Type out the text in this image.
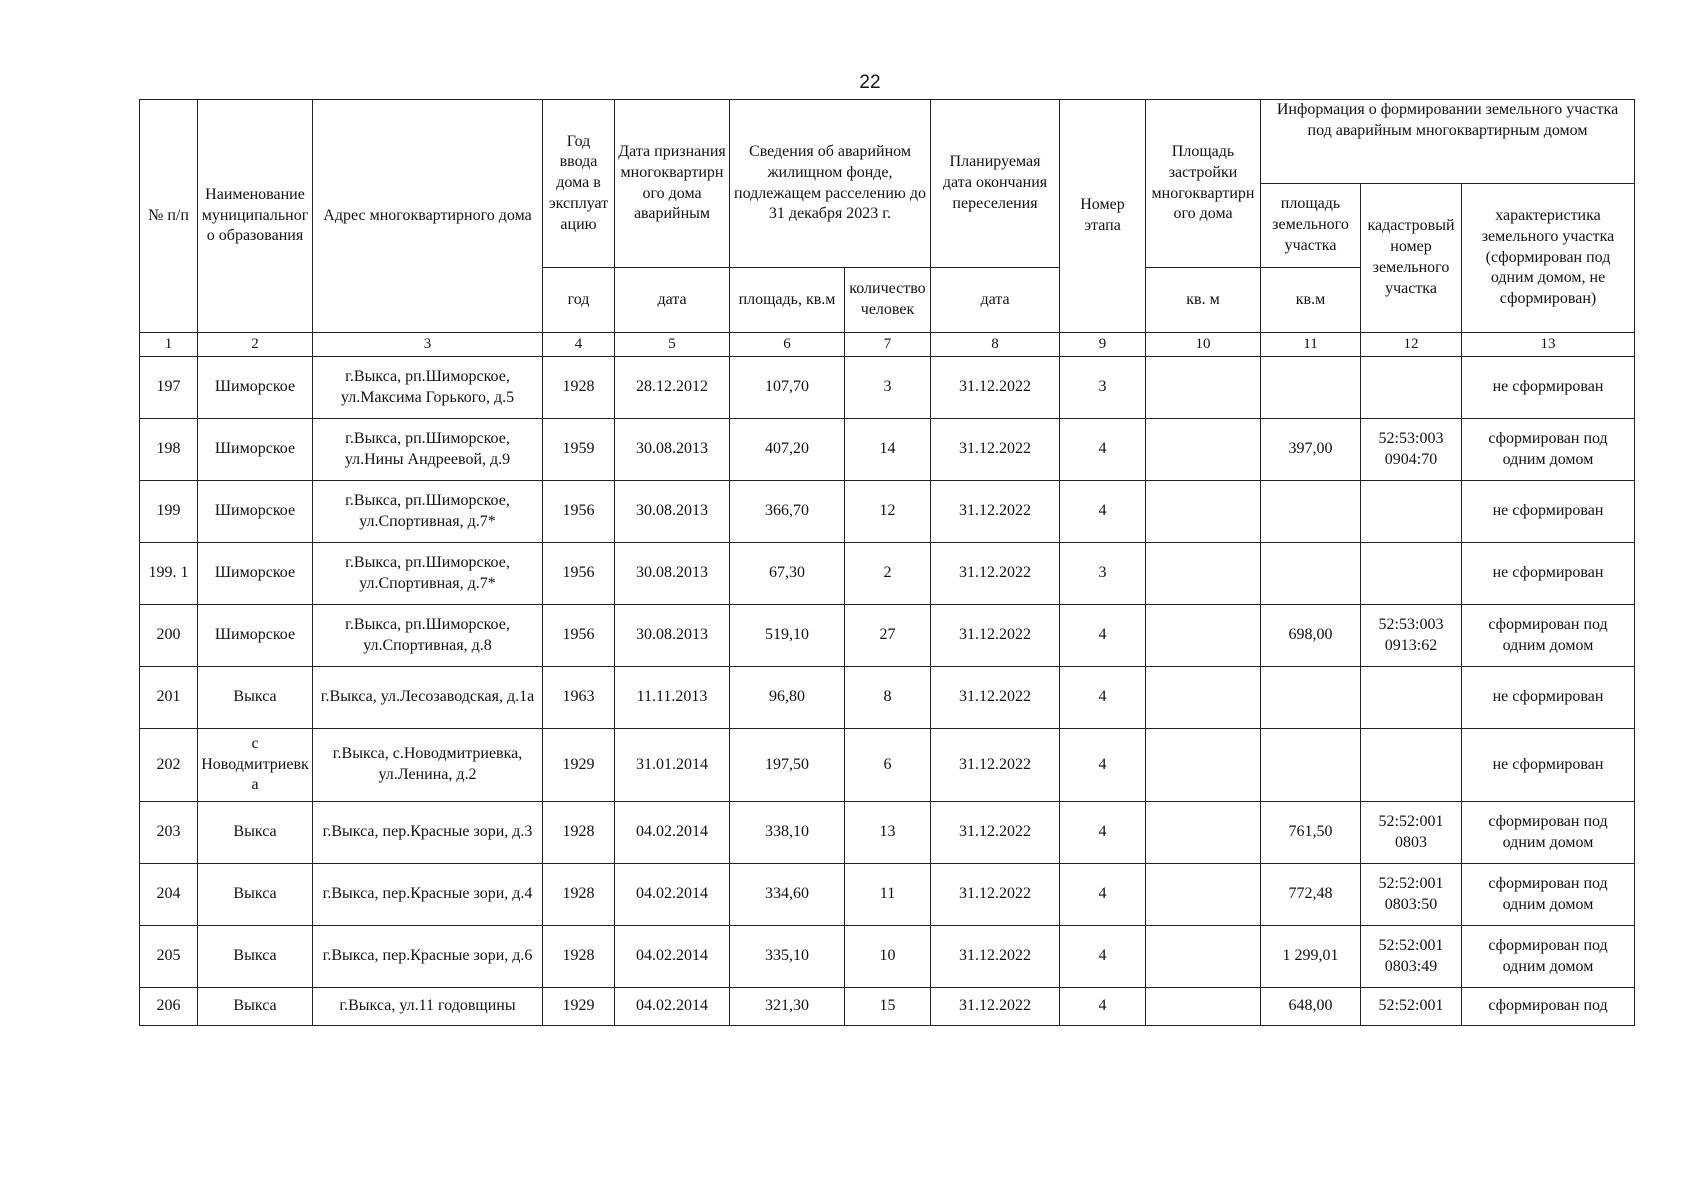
22
№ п/п	Наименование муниципального образования	Адрес многоквартирного дома	Год ввода дома в эксплуатацию	Дата признания многоквартирного дома аварийным	Сведения об аварийном жилищном фонде, подлежащем расселению до 31 декабря 2023 г.		Планируемая дата окончания переселения	Номер этапа	Площадь застройки многоквартирного дома	Информация о формировании земельного участка под аварийным многоквартирным домом		
										площадь земельного участка	кадастровый номер земельного участка	характеристика земельного участка (сформирован под одним домом, не сформирован)
			год	дата	площадь, кв.м	количество человек	дата		кв. м	кв.м		
1	2	3	4	5	6	7	8	9	10	11	12	13
197	Шиморское	г.Выкса, рп.Шиморское, ул.Максима Горького, д.5	1928	28.12.2012	107,70	3	31.12.2022	3				не сформирован
198	Шиморское	г.Выкса, рп.Шиморское, ул.Нины Андреевой, д.9	1959	30.08.2013	407,20	14	31.12.2022	4		397,00	52:53:003 0904:70	сформирован под одним домом
199	Шиморское	г.Выкса, рп.Шиморское, ул.Спортивная, д.7*	1956	30.08.2013	366,70	12	31.12.2022	4				не сформирован
199. 1	Шиморское	г.Выкса, рп.Шиморское, ул.Спортивная, д.7*	1956	30.08.2013	67,30	2	31.12.2022	3				не сформирован
200	Шиморское	г.Выкса, рп.Шиморское, ул.Спортивная, д.8	1956	30.08.2013	519,10	27	31.12.2022	4		698,00	52:53:003 0913:62	сформирован под одним домом
201	Выкса	г.Выкса, ул.Лесозаводская, д.1а	1963	11.11.2013	96,80	8	31.12.2022	4				не сформирован
202	с Новодмитриевка	г.Выкса, с.Новодмитриевка, ул.Ленина, д.2	1929	31.01.2014	197,50	6	31.12.2022	4				не сформирован
203	Выкса	г.Выкса, пер.Красные зори, д.3	1928	04.02.2014	338,10	13	31.12.2022	4		761,50	52:52:001 0803	сформирован под одним домом
204	Выкса	г.Выкса, пер.Красные зори, д.4	1928	04.02.2014	334,60	11	31.12.2022	4		772,48	52:52:001 0803:50	сформирован под одним домом
205	Выкса	г.Выкса, пер.Красные зори, д.6	1928	04.02.2014	335,10	10	31.12.2022	4		1 299,01	52:52:001 0803:49	сформирован под одним домом
206	Выкса	г.Выкса, ул.11 годовщины	1929	04.02.2014	321,30	15	31.12.2022	4		648,00	52:52:001	сформирован под
